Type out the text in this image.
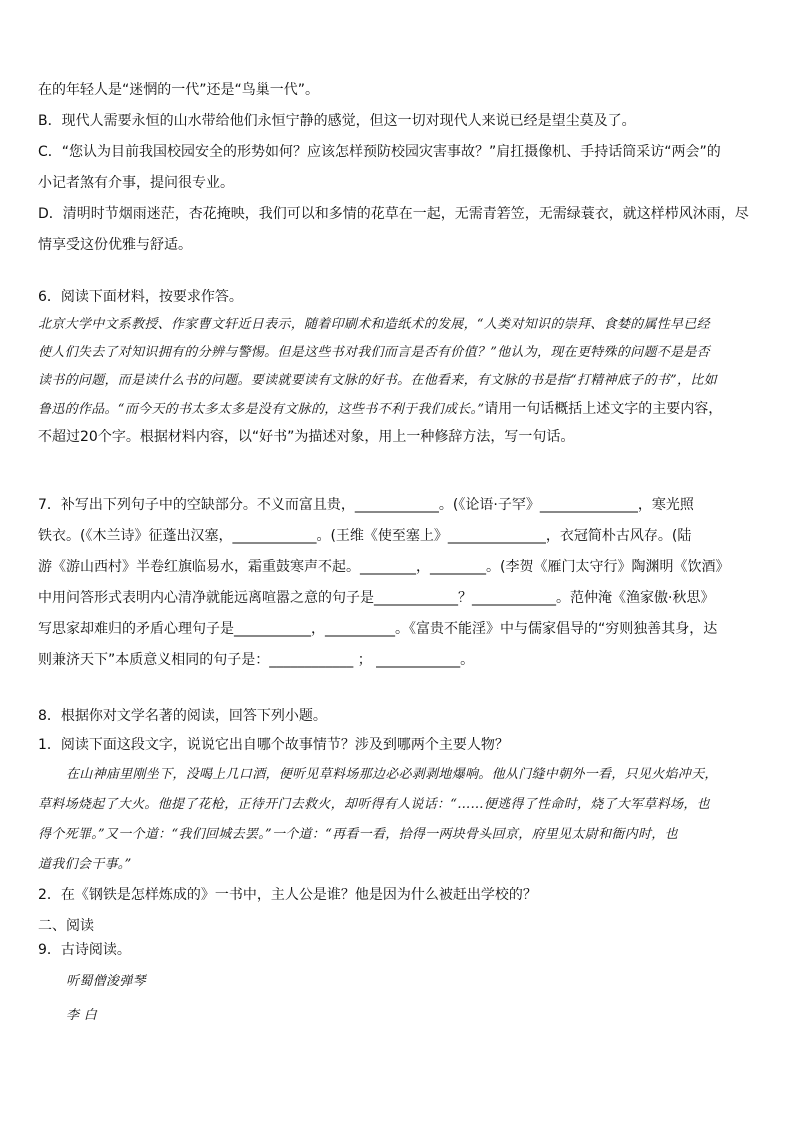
在的年轻人是“迷惘的一代”还是“鸟巢一代”。
B．现代人需要永恒的山水带给他们永恒宁静的感觉，但这一切对现代人来说已经是望尘莫及了。
C．“您认为目前我国校园安全的形势如何？应该怎样预防校园灾害事故？”肩扛摄像机、手持话筒采访“两会”的
小记者煞有介事，提问很专业。
D．清明时节烟雨迷茫，杏花掩映，我们可以和多情的花草在一起，无需青箬笠，无需绿蓑衣，就这样栉风沐雨，尽
情享受这份优雅与舒适。
6．阅读下面材料，按要求作答。
北京大学中文系教授、作家曹文轩近日表示，随着印刷术和造纸术的发展，“人类对知识的崇拜、食婪的属性早已经
使人们失去了对知识拥有的分辨与警惕。但是这些书对我们而言是否有价值？”他认为，现在更特殊的问题不是是否
读书的问题，而是读什么书的问题。要读就要读有文脉的好书。在他看来，有文脉的书是指“打精神底子的书”，比如
鲁迅的作品。“而今天的书太多太多是没有文脉的，这些书不利于我们成长。”请用一句话概括上述文字的主要内容，
不超过20个字。根据材料内容，以“好书”为描述对象，用上一种修辞方法，写一句话。
7．补写出下列句子中的空缺部分。不义而富且贵，____________。(《论语·子罕》______________，寒光照
铁衣。(《木兰诗》征蓬出汉塞，____________。(王维《使至塞上》______________，衣冠简朴古风存。(陆
游《游山西村》半卷红旗临易水，霜重鼓寒声不起。________，________。(李贺《雁门太守行》陶渊明《饮酒》
中用问答形式表明内心清净就能远离喧嚣之意的句子是____________？____________。范仲淹《渔家傲·秋思》
写思家却难归的矛盾心理句子是___________，__________。《富贵不能淫》中与儒家倡导的“穷则独善其身，达
则兼济天下”本质意义相同的句子是：____________ ； ____________。
8．根据你对文学名著的阅读，回答下列小题。
1．阅读下面这段文字，说说它出自哪个故事情节？涉及到哪两个主要人物？
在山神庙里刚坐下，没喝上几口酒，便听见草料场那边必必剥剥地爆响。他从门缝中朝外一看，只见火焰冲天，
草料场烧起了大火。他提了花枪，正待开门去救火，却听得有人说话：“……便逃得了性命时，烧了大军草料场，也
得个死罪。”又一个道：“我们回城去罢。”一个道：“再看一看，拾得一两块骨头回京，府里见太尉和衙内时，也
道我们会干事。”
2．在《钢铁是怎样炼成的》一书中，主人公是谁？他是因为什么被赶出学校的？
二、阅读
9．古诗阅读。
听蜀僧浚弹琴
李 白
